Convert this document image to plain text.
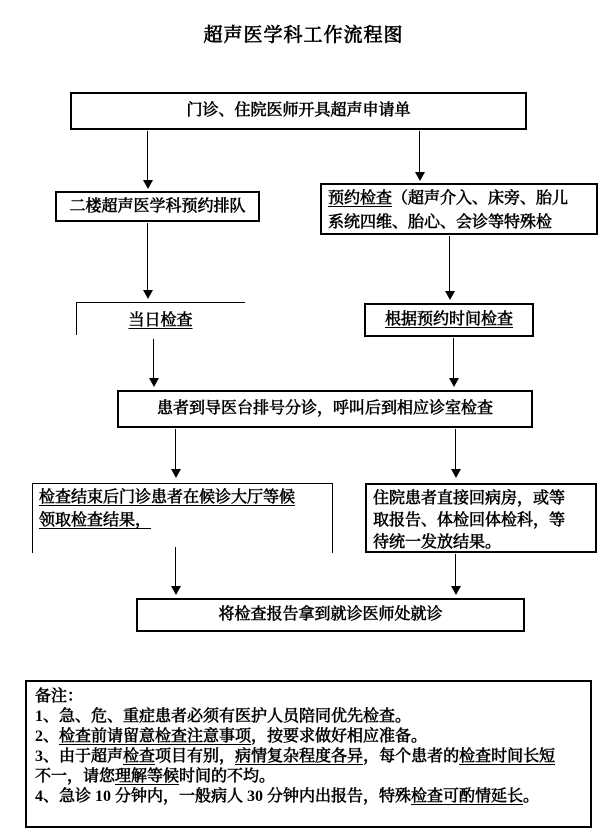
超声医学科工作流程图
门诊、住院医师开具超声申请单
二楼超声医学科预约排队	预约检查（超声介入、床旁、胎儿系统四维、胎心、会诊等特殊检
当日检查	根据预约时间检查
患者到导医台排号分诊，呼叫后到相应诊室检查
检查结束后门诊患者在候诊大厅等候领取检查结果，
住院患者直接回病房，或等取报告、体检回体检科，等待统一发放结果。
将检查报告拿到就诊医师处就诊
备注：
1、急、危、重症患者必须有医护人员陪同优先检查。
2、检查前请留意检查注意事项，按要求做好相应准备。
3、由于超声检查项目有别，病情复杂程度各异，每个患者的检查时间长短不一，请您理解等候时间的不均。
4、急诊 10 分钟内，一般病人 30 分钟内出报告，特殊检查可酌情延长。
